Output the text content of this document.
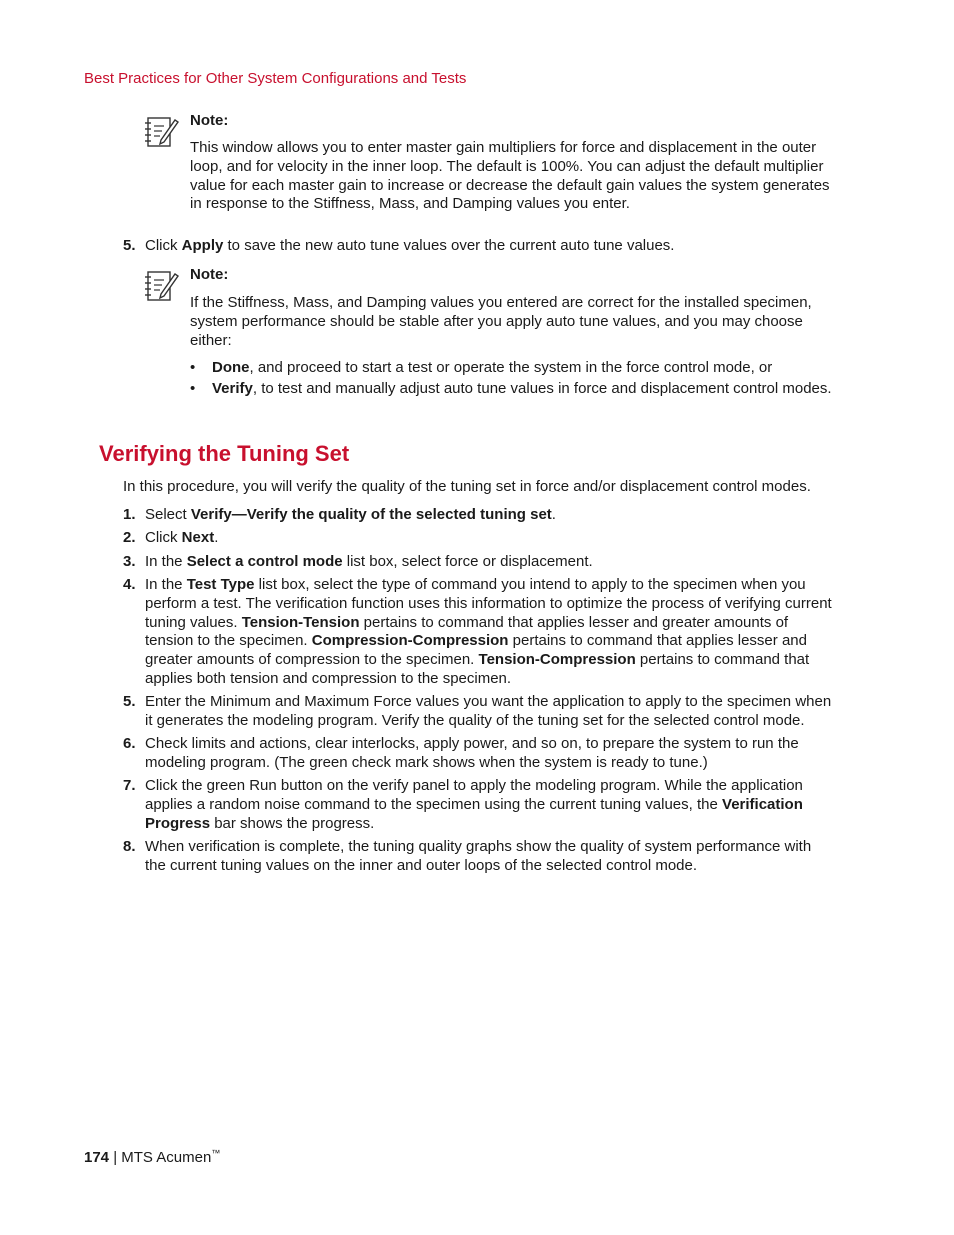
Best Practices for Other System Configurations and Tests
Note:
This window allows you to enter master gain multipliers for force and displacement in the outer
loop, and for velocity in the inner loop. The default is 100%. You can adjust the default multiplier
value for each master gain to increase or decrease the default gain values the system generates
in response to the Stiffness, Mass, and Damping values you enter.
5. Click Apply to save the new auto tune values over the current auto tune values.
Note:
If the Stiffness, Mass, and Damping values you entered are correct for the installed specimen,
system performance should be stable after you apply auto tune values, and you may choose
either:
• Done, and proceed to start a test or operate the system in the force control mode, or
• Verify, to test and manually adjust auto tune values in force and displacement control modes.
Verifying the Tuning Set
In this procedure, you will verify the quality of the tuning set in force and/or displacement control modes.
1. Select Verify—Verify the quality of the selected tuning set.
2. Click Next.
3. In the Select a control mode list box, select force or displacement.
4. In the Test Type list box, select the type of command you intend to apply to the specimen when you
perform a test. The verification function uses this information to optimize the process of verifying current
tuning values. Tension-Tension pertains to command that applies lesser and greater amounts of
tension to the specimen. Compression-Compression pertains to command that applies lesser and
greater amounts of compression to the specimen. Tension-Compression pertains to command that
applies both tension and compression to the specimen.
5. Enter the Minimum and Maximum Force values you want the application to apply to the specimen when
it generates the modeling program. Verify the quality of the tuning set for the selected control mode.
6. Check limits and actions, clear interlocks, apply power, and so on, to prepare the system to run the
modeling program. (The green check mark shows when the system is ready to tune.)
7. Click the green Run button on the verify panel to apply the modeling program. While the application
applies a random noise command to the specimen using the current tuning values, the Verification
Progress bar shows the progress.
8. When verification is complete, the tuning quality graphs show the quality of system performance with
the current tuning values on the inner and outer loops of the selected control mode.
174 | MTS Acumen™
